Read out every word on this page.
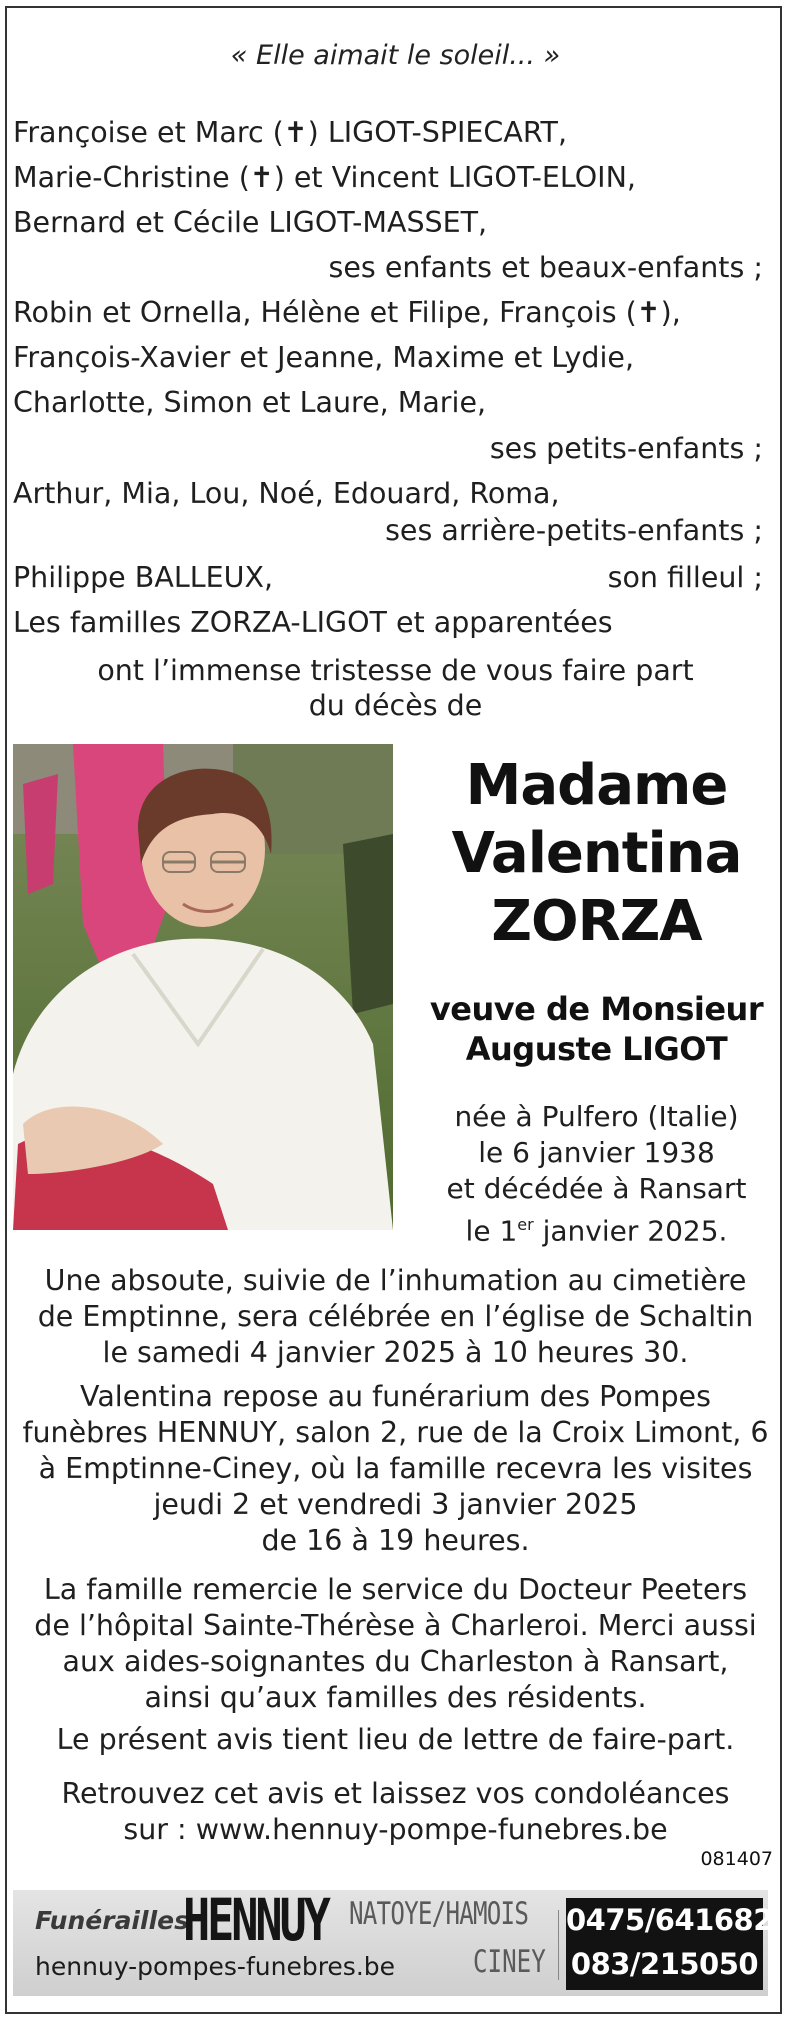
« Elle aimait le soleil... »
Françoise et Marc (✝) LIGOT-SPIECART,
Marie-Christine (✝) et Vincent LIGOT-ELOIN,
Bernard et Cécile LIGOT-MASSET,
ses enfants et beaux-enfants ;
Robin et Ornella, Hélène et Filipe, François (✝),
François-Xavier et Jeanne, Maxime et Lydie,
Charlotte, Simon et Laure, Marie,
ses petits-enfants ;
Arthur, Mia, Lou, Noé, Edouard, Roma,
ses arrière-petits-enfants ;
Philippe BALLEUX,	son filleul ;
Les familles ZORZA-LIGOT et apparentées
ont l’immense tristesse de vous faire part
du décès de
Madame
Valentina
ZORZA
veuve de Monsieur
Auguste LIGOT
née à Pulfero (Italie)
le 6 janvier 1938
et décédée à Ransart
le 1er janvier 2025.
Une absoute, suivie de l’inhumation au cimetière
de Emptinne, sera célébrée en l’église de Schaltin
le samedi 4 janvier 2025 à 10 heures 30.
Valentina repose au funérarium des Pompes
funèbres HENNUY, salon 2, rue de la Croix Limont, 6
à Emptinne-Ciney, où la famille recevra les visites
jeudi 2 et vendredi 3 janvier 2025
de 16 à 19 heures.
La famille remercie le service du Docteur Peeters
de l’hôpital Sainte-Thérèse à Charleroi. Merci aussi
aux aides-soignantes du Charleston à Ransart,
ainsi qu’aux familles des résidents.
Le présent avis tient lieu de lettre de faire-part.
Retrouvez cet avis et laissez vos condoléances
sur : www.hennuy-pompe-funebres.be
081407
Funérailles
HENNUY
hennuy-pompes-funebres.be
NATOYE/HAMOIS
CINEY
0475/641682
083/215050
